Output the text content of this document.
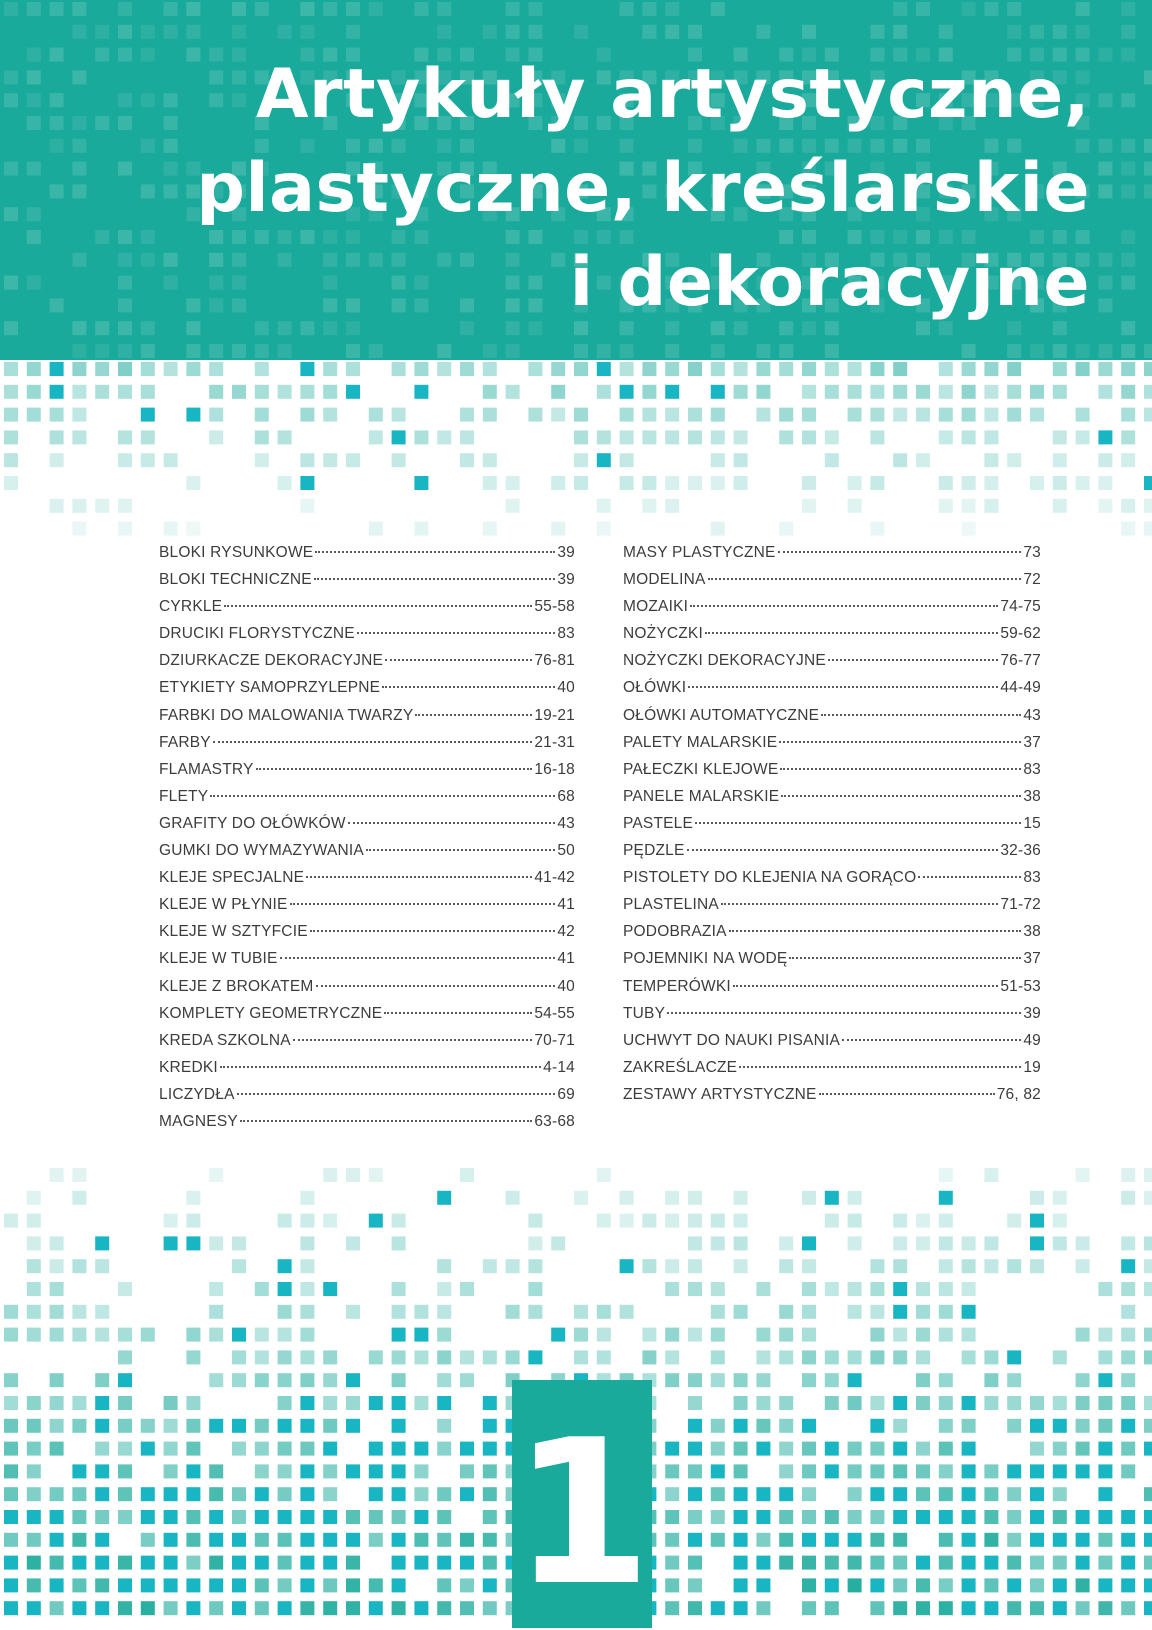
Artykuły artystyczne,
plastyczne, kreślarskie
i dekoracyjne
BLOKI RYSUNKOWE	39
BLOKI TECHNICZNE	39
CYRKLE	55-58
DRUCIKI FLORYSTYCZNE	83
DZIURKACZE DEKORACYJNE	76-81
ETYKIETY SAMOPRZYLEPNE	40
FARBKI DO MALOWANIA TWARZY	19-21
FARBY	21-31
FLAMASTRY	16-18
FLETY	68
GRAFITY DO OŁÓWKÓW	43
GUMKI DO WYMAZYWANIA	50
KLEJE SPECJALNE	41-42
KLEJE W PŁYNIE	41
KLEJE W SZTYFCIE	42
KLEJE W TUBIE	41
KLEJE Z BROKATEM	40
KOMPLETY GEOMETRYCZNE	54-55
KREDA SZKOLNA	70-71
KREDKI	4-14
LICZYDŁA	69
MAGNESY	63-68
MASY PLASTYCZNE	73
MODELINA	72
MOZAIKI	74-75
NOŻYCZKI	59-62
NOŻYCZKI DEKORACYJNE	76-77
OŁÓWKI	44-49
OŁÓWKI AUTOMATYCZNE	43
PALETY MALARSKIE	37
PAŁECZKI KLEJOWE	83
PANELE MALARSKIE	38
PASTELE	15
PĘDZLE	32-36
PISTOLETY DO KLEJENIA NA GORĄCO	83
PLASTELINA	71-72
PODOBRAZIA	38
POJEMNIKI NA WODĘ	37
TEMPERÓWKI	51-53
TUBY	39
UCHWYT DO NAUKI PISANIA	49
ZAKREŚLACZE	19
ZESTAWY ARTYSTYCZNE	76, 82
1
